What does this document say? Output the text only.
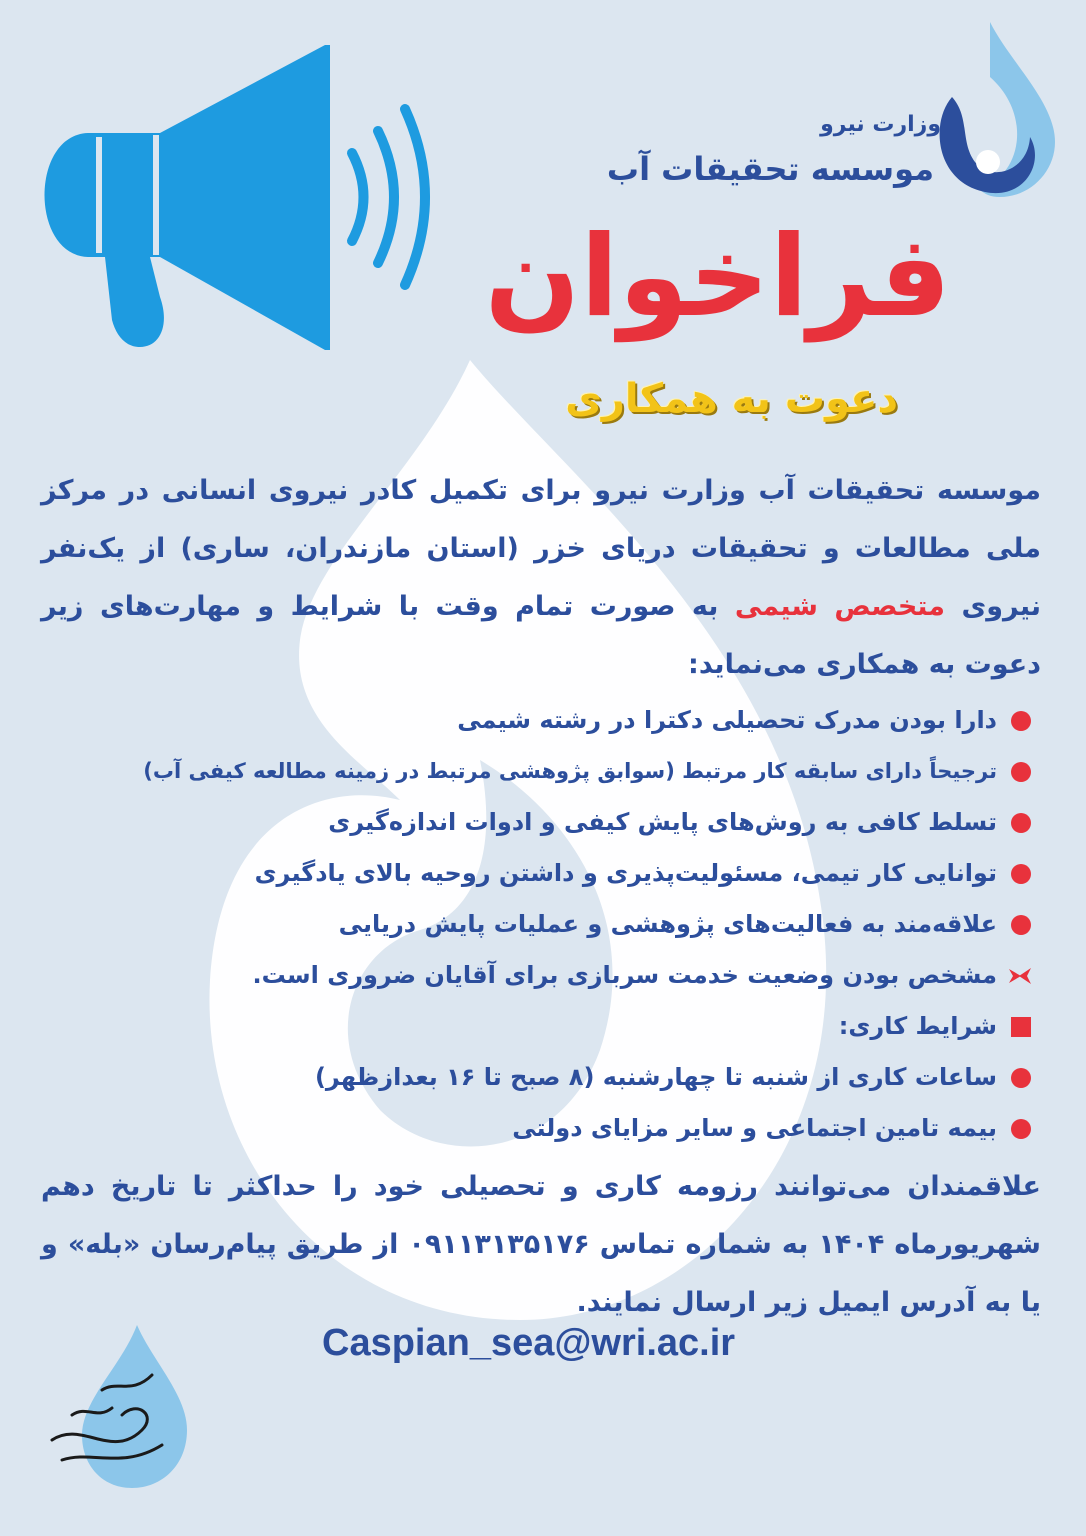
وزارت نیرو
موسسه تحقیقات آب
فراخوان
دعوت به همکاری

موسسه تحقیقات آب وزارت نیرو برای تکمیل کادر نیروی انسانی در مرکز ملی مطالعات و تحقیقات دریای خزر (استان مازندران، ساری) از یک‌نفر نیروی متخصص شیمی به صورت تمام وقت با شرایط و مهارت‌های زیر دعوت به همکاری می‌نماید:

دارا بودن مدرک تحصیلی دکترا در رشته شیمی
ترجیحاً دارای سابقه کار مرتبط (سوابق پژوهشی مرتبط در زمینه مطالعه کیفی آب)
تسلط کافی به روش‌های پایش کیفی و ادوات اندازه‌گیری
توانایی کار تیمی، مسئولیت‌پذیری و داشتن روحیه بالای یادگیری
علاقه‌مند به فعالیت‌های پژوهشی و عملیات پایش دریایی
مشخص بودن وضعیت خدمت سربازی برای آقایان ضروری است.
شرایط کاری:
ساعات کاری از شنبه تا چهارشنبه (۸ صبح تا ۱۶ بعدازظهر)
بیمه تامین اجتماعی و سایر مزایای دولتی

علاقمندان می‌توانند رزومه کاری و تحصیلی خود را حداکثر تا تاریخ دهم شهریورماه ۱۴۰۴ به شماره تماس ۰۹۱۱۳۱۳۵۱۷۶ از طریق پیام‌رسان «بله» و یا به آدرس ایمیل زیر ارسال نمایند.

Caspian_sea@wri.ac.ir
